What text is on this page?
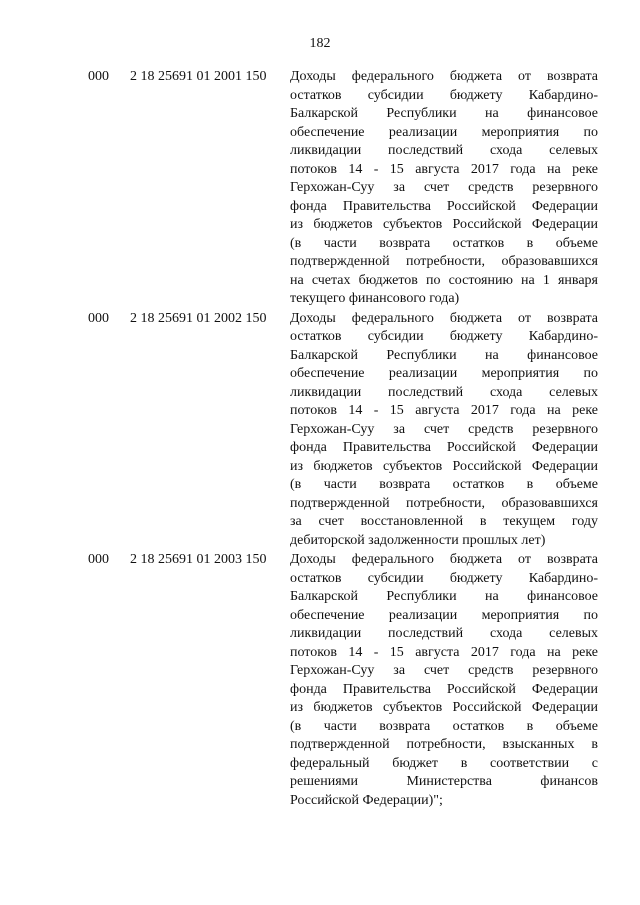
182
000	2 18 25691 01 2001 150	Доходы федерального бюджета от возврата
остатков субсидии бюджету Кабардино-
Балкарской Республики на финансовое
обеспечение реализации мероприятия по
ликвидации последствий схода селевых
потоков 14 - 15 августа 2017 года на реке
Герхожан-Суу за счет средств резервного
фонда Правительства Российской Федерации
из бюджетов субъектов Российской Федерации
(в части возврата остатков в объеме
подтвержденной потребности, образовавшихся
на счетах бюджетов по состоянию на 1 января
текущего финансового года)
000	2 18 25691 01 2002 150	Доходы федерального бюджета от возврата
остатков субсидии бюджету Кабардино-
Балкарской Республики на финансовое
обеспечение реализации мероприятия по
ликвидации последствий схода селевых
потоков 14 - 15 августа 2017 года на реке
Герхожан-Суу за счет средств резервного
фонда Правительства Российской Федерации
из бюджетов субъектов Российской Федерации
(в части возврата остатков в объеме
подтвержденной потребности, образовавшихся
за счет восстановленной в текущем году
дебиторской задолженности прошлых лет)
000	2 18 25691 01 2003 150	Доходы федерального бюджета от возврата
остатков субсидии бюджету Кабардино-
Балкарской Республики на финансовое
обеспечение реализации мероприятия по
ликвидации последствий схода селевых
потоков 14 - 15 августа 2017 года на реке
Герхожан-Суу за счет средств резервного
фонда Правительства Российской Федерации
из бюджетов субъектов Российской Федерации
(в части возврата остатков в объеме
подтвержденной потребности, взысканных в
федеральный бюджет в соответствии с
решениями Министерства финансов
Российской Федерации)";
